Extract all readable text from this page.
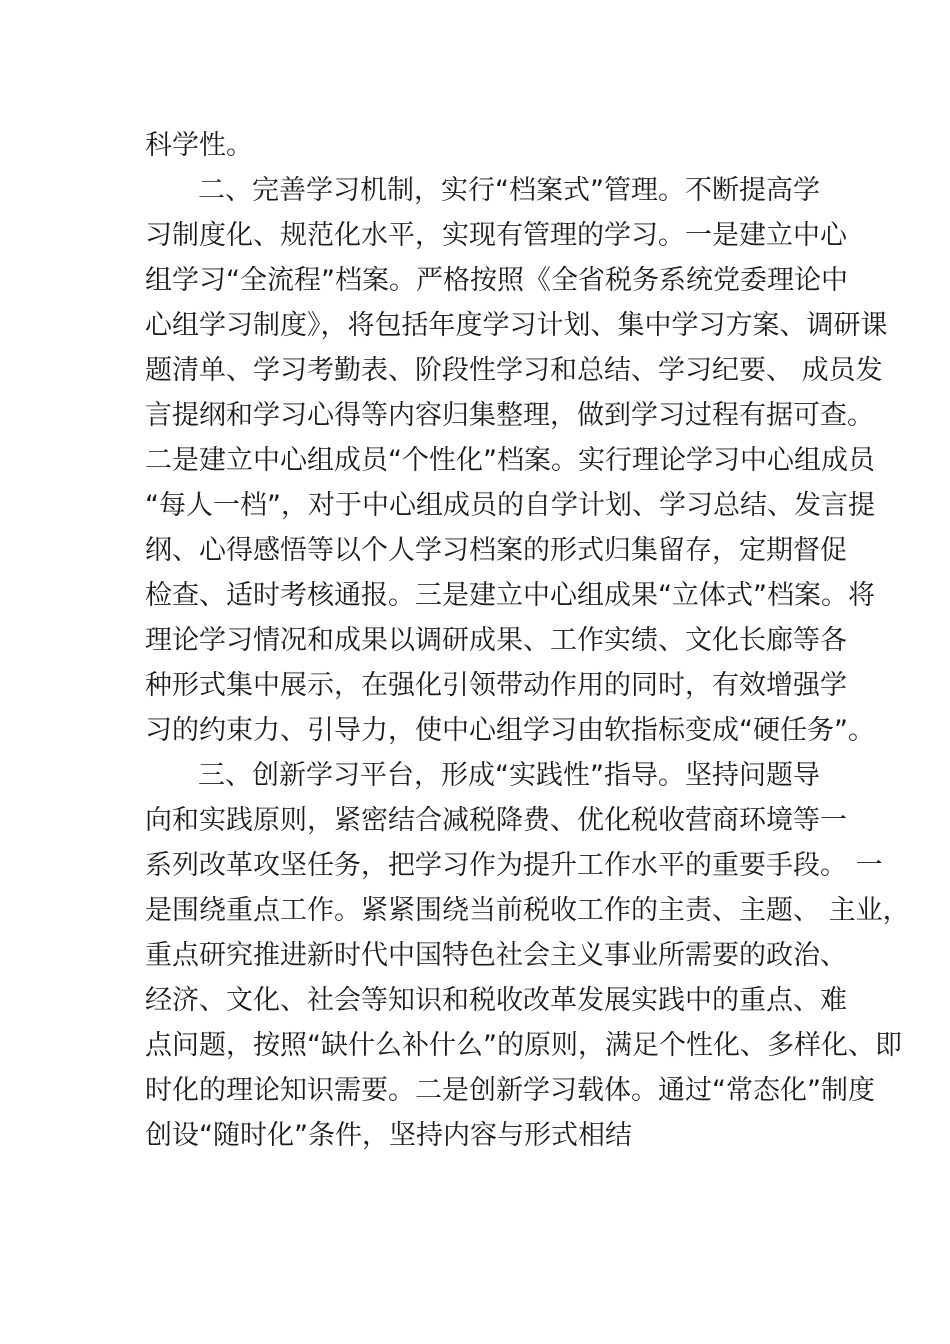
科学性。
二、完善学习机制，实行“档案式”管理。不断提高学
习制度化、规范化水平，实现有管理的学习。一是建立中心
组学习“全流程”档案。严格按照《全省税务系统党委理论中
心组学习制度》，将包括年度学习计划、集中学习方案、调研课
题清单、学习考勤表、阶段性学习和总结、学习纪要、 成员发
言提纲和学习心得等内容归集整理，做到学习过程有据可查。
二是建立中心组成员“个性化”档案。实行理论学习中心组成员
“每人一档”，对于中心组成员的自学计划、学习总结、发言提
纲、心得感悟等以个人学习档案的形式归集留存，定期督促
检查、适时考核通报。三是建立中心组成果“立体式”档案。将
理论学习情况和成果以调研成果、工作实绩、文化长廊等各
种形式集中展示，在强化引领带动作用的同时，有效增强学
习的约束力、引导力，使中心组学习由软指标变成“硬任务”。
三、创新学习平台，形成“实践性”指导。坚持问题导
向和实践原则，紧密结合减税降费、优化税收营商环境等一
系列改革攻坚任务，把学习作为提升工作水平的重要手段。 一
是围绕重点工作。紧紧围绕当前税收工作的主责、主题、 主业，
重点研究推进新时代中国特色社会主义事业所需要的政治、
经济、文化、社会等知识和税收改革发展实践中的重点、难
点问题，按照“缺什么补什么”的原则，满足个性化、多样化、即
时化的理论知识需要。二是创新学习载体。通过“常态化”制度
创设“随时化”条件，坚持内容与形式相结
